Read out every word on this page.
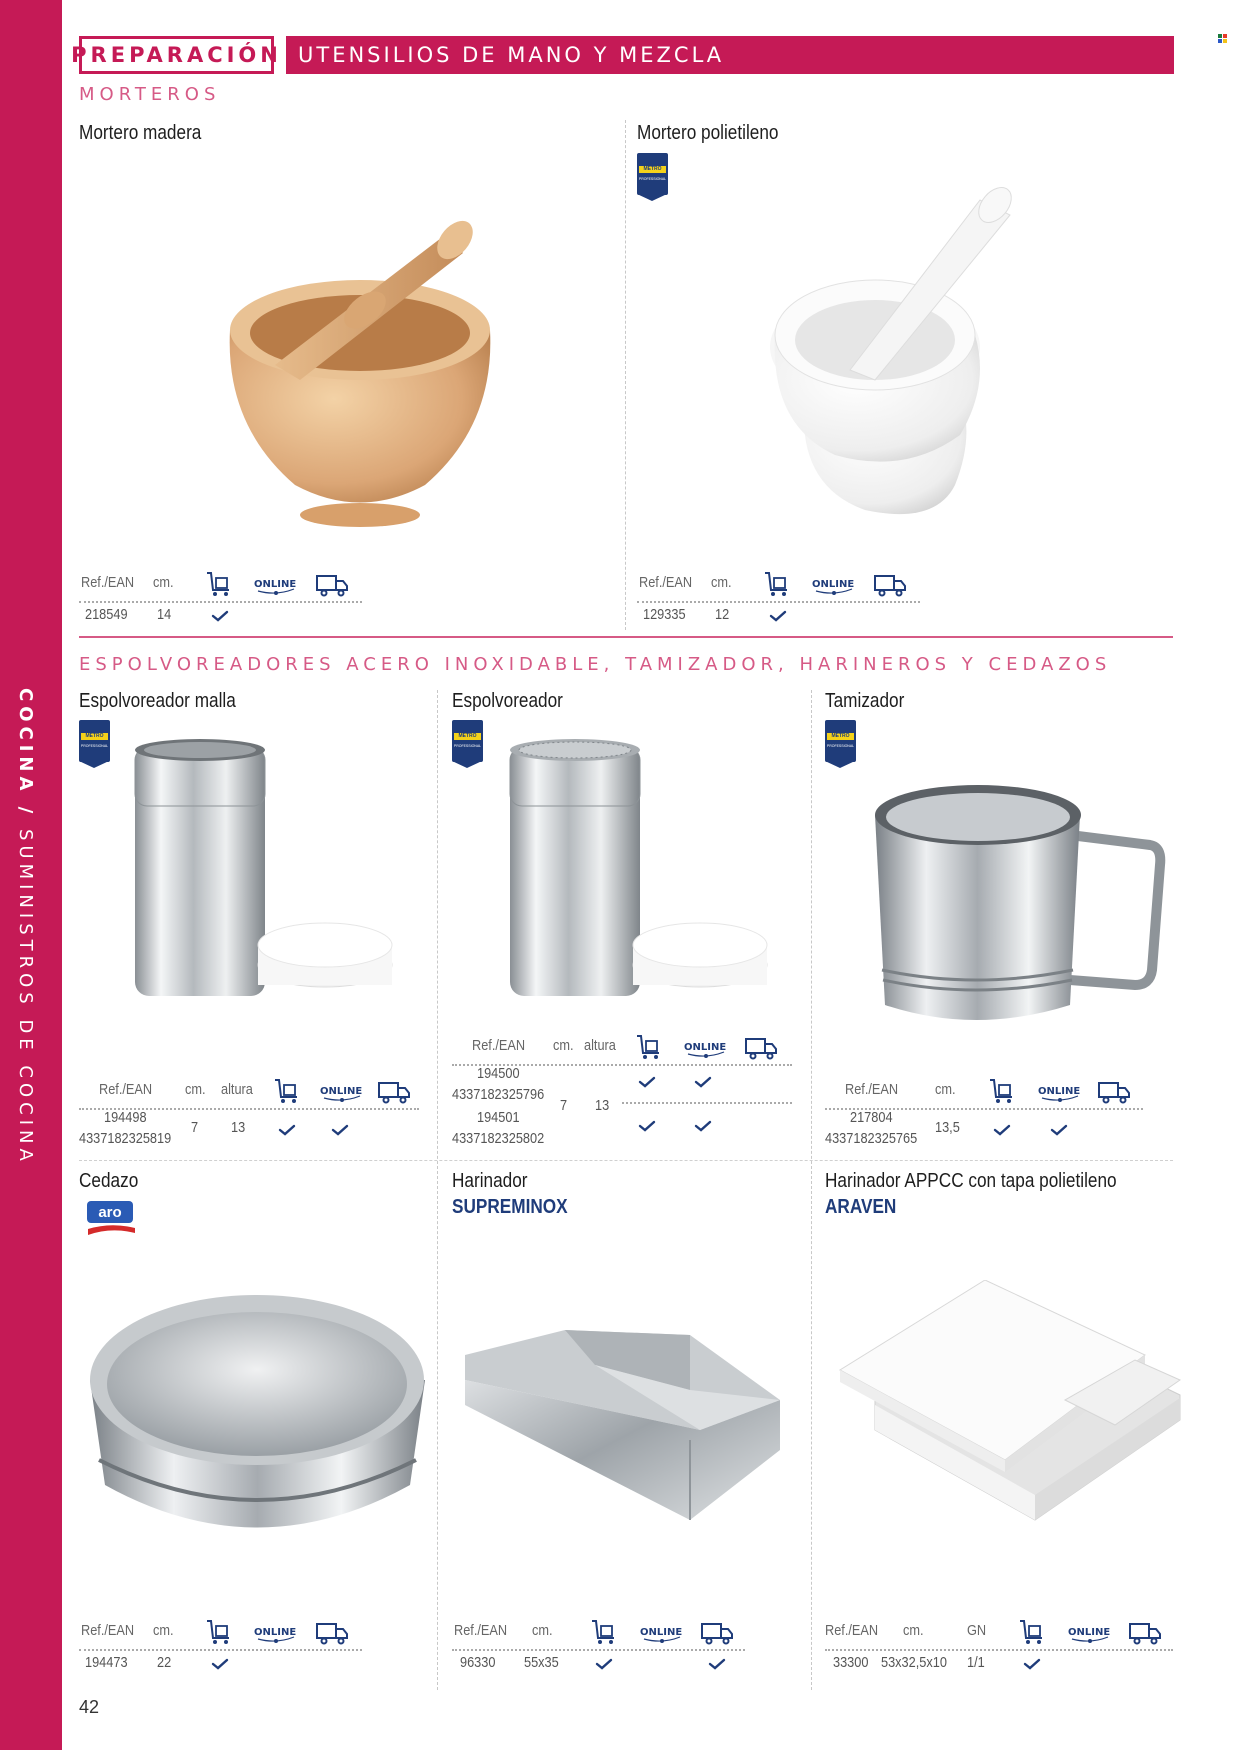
COCINA / SUMINISTROS DE COCINA
PREPARACIÓN UTENSILIOS DE MANO Y MEZCLA
MORTEROS
Mortero madera
Ref./EAN cm.	ONLINE
218549 14
Mortero polietileno
METRO
PROFESSIONAL
Ref./EAN cm.	ONLINE
129335 12
ESPOLVOREADORES ACERO INOXIDABLE, TAMIZADOR, HARINEROS Y CEDAZOS
Espolvoreador malla
METRO
PROFESSIONAL
Ref./EAN cm. altura	ONLINE
194498
4337182325819
7 13
Espolvoreador
METRO
PROFESSIONAL
Ref./EAN cm. altura	ONLINE
194500
4337182325796
194501
4337182325802
7 13
Tamizador
METRO
PROFESSIONAL
Ref./EAN cm.	ONLINE
217804
4337182325765
13,5
Cedazo
aro
Ref./EAN cm.	ONLINE
194473 22
Harinador
SUPREMINOX
Ref./EAN cm.	ONLINE
96330 55x35
Harinador APPCC con tapa polietileno
ARAVEN
Ref./EAN cm.	GN	ONLINE
33300 53x32,5x10 1/1
42
